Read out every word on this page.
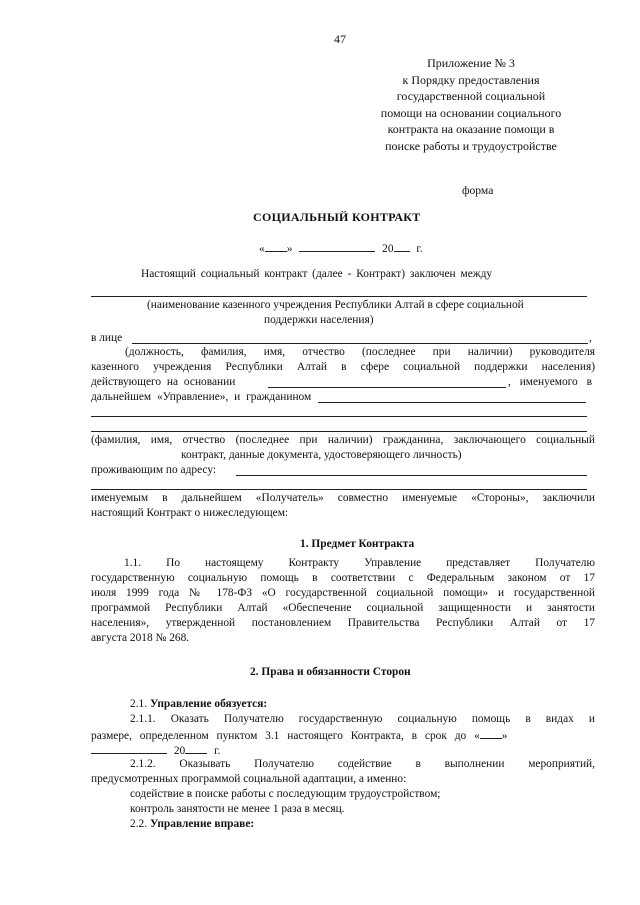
47
Приложение № 3
к Порядку предоставления
государственной социальной
помощи на основании социального
контракта на оказание помощи в
поиске работы и трудоустройстве
форма
СОЦИАЛЬНЫЙ КОНТРАКТ
« »	20 г.
Настоящий социальный контракт (далее - Контракт) заключен между
(наименование казенного учреждения Республики Алтай в сфере социальной
поддержки населения)
в лице	,
(должность, фамилия, имя, отчество (последнее при наличии) руководителя
казенного учреждения Республики Алтай в сфере социальной поддержки населения)
действующего на основании	, именуемого в
дальнейшем «Управление», и гражданином
(фамилия, имя, отчество (последнее при наличии) гражданина, заключающего социальный
контракт, данные документа, удостоверяющего личность)
проживающим по адресу:
именуемым в дальнейшем «Получатель» совместно именуемые «Стороны», заключили
настоящий Контракт о нижеследующем:
1. Предмет Контракта
1.1. По настоящему Контракту Управление представляет Получателю
государственную социальную помощь в соответствии с Федеральным законом от 17
июля 1999 года № 178-ФЗ «О государственной социальной помощи» и государственной
программой Республики Алтай «Обеспечение социальной защищенности и занятости
населения», утвержденной постановлением Правительства Республики Алтай от 17
августа 2018 № 268.
2. Права и обязанности Сторон
2.1. Управление обязуется:
2.1.1. Оказать Получателю государственную социальную помощь в видах и
размере, определенном пунктом 3.1 настоящего Контракта, в срок до « »
20	г.
2.1.2. Оказывать Получателю содействие в выполнении мероприятий,
предусмотренных программой социальной адаптации, а именно:
содействие в поиске работы с последующим трудоустройством;
контроль занятости не менее 1 раза в месяц.
2.2. Управление вправе:
